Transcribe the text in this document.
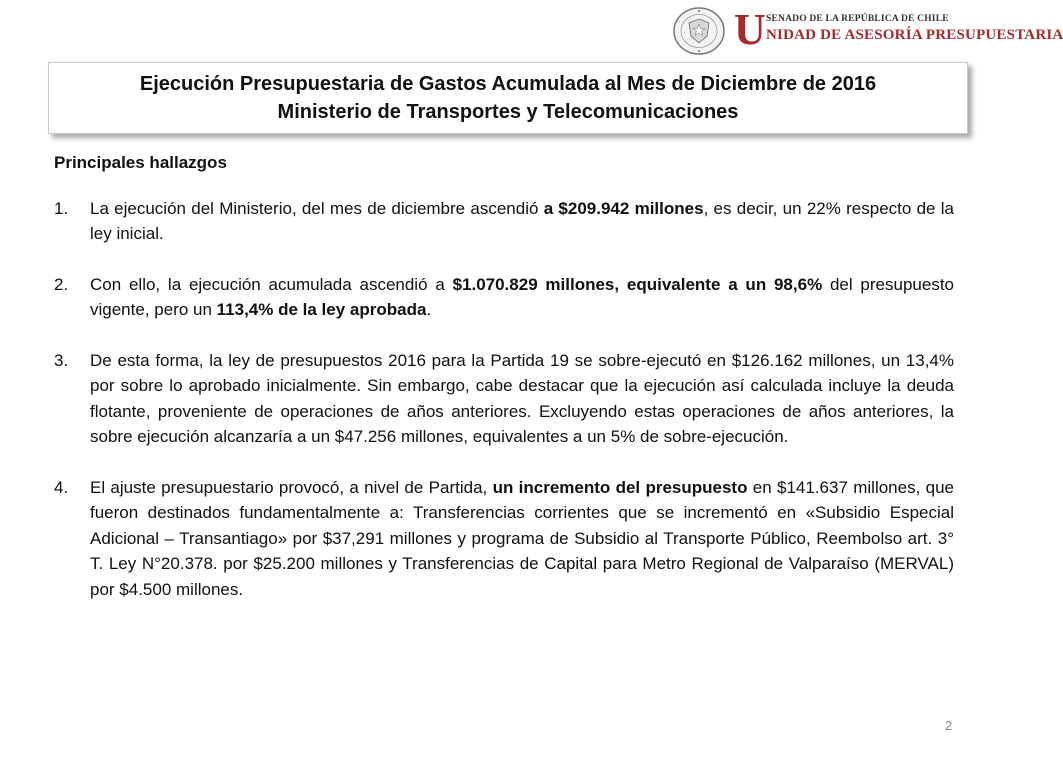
U SENADO DE LA REPÚBLICA DE CHILE
NIDAD DE ASESORÍA PRESUPUESTARIA
Ejecución Presupuestaria de Gastos Acumulada al Mes de Diciembre de 2016
Ministerio de Transportes y Telecomunicaciones
Principales hallazgos
1.	La ejecución del Ministerio, del mes de diciembre ascendió a $209.942 millones, es decir, un 22% respecto de la ley inicial.
2.	Con ello, la ejecución acumulada ascendió a $1.070.829 millones, equivalente a un 98,6% del presupuesto vigente, pero un 113,4% de la ley aprobada.
3.	De esta forma, la ley de presupuestos 2016 para la Partida 19 se sobre-ejecutó en $126.162 millones, un 13,4% por sobre lo aprobado inicialmente. Sin embargo, cabe destacar que la ejecución así calculada incluye la deuda flotante, proveniente de operaciones de años anteriores. Excluyendo estas operaciones de años anteriores, la sobre ejecución alcanzaría a un $47.256 millones, equivalentes a un 5% de sobre-ejecución.
4.	El ajuste presupuestario provocó, a nivel de Partida, un incremento del presupuesto en $141.637 millones, que fueron destinados fundamentalmente a: Transferencias corrientes que se incrementó en «Subsidio Especial Adicional – Transantiago» por $37,291 millones y programa de Subsidio al Transporte Público, Reembolso art. 3° T. Ley N°20.378. por $25.200 millones y Transferencias de Capital para Metro Regional de Valparaíso (MERVAL) por $4.500 millones.
2
